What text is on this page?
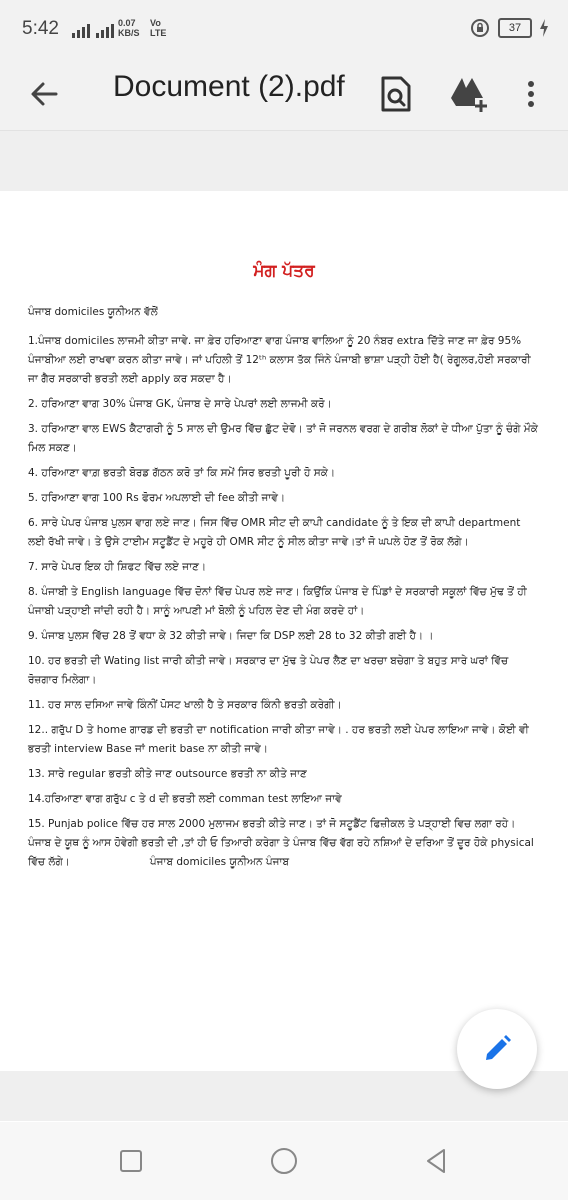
5:42	0.07
KB/S
Vo
LTE	37
Document (2).pdf
ਮੰਗ ਪੱਤਰ

ਪੰਜਾਬ domiciles ਯੂਨੀਅਨ ਵੱਲੋਂ

1.ਪੰਜਾਬ domiciles ਲਾਜਮੀ ਕੀਤਾ ਜਾਵੇ. ਜਾ ਫ਼ੇਰ ਹਰਿਆਣਾ ਵਾਗ ਪੰਜਾਬ ਵਾਲਿਆ ਨੂੰ 20 ਨੰਬਰ extra ਦਿੱਤੇ ਜਾਣ ਜਾ ਫ਼ੇਰ 95% ਪੰਜਾਬੀਆ ਲਈ ਰਾਖਵਾ ਕਰਨ ਕੀਤਾ ਜਾਵੇ। ਜਾਂ ਪਹਿਲੀ ਤੋਂ 12ᵗʰ ਕਲਾਸ ਤੱਕ ਜਿੰਨੇ ਪੰਜਾਬੀ ਭਾਸ਼ਾ ਪੜ੍ਹੀ ਹੋਈ ਹੈ( ਰੇਗੂਲਰ,ਹੋਈ ਸਰਕਾਰੀ ਜਾ ਗੈਰ ਸਰਕਾਰੀ ਭਰਤੀ ਲਈ apply ਕਰ ਸਕਦਾ ਹੈ।

2. ਹਰਿਆਣਾ ਵਾਗ 30% ਪੰਜਾਬ GK, ਪੰਜਾਬ ਦੇ ਸਾਰੇ ਪੇਪਰਾਂ ਲਈ ਲਾਜਮੀ ਕਰੋ।

3. ਹਰਿਆਣਾ ਵਾਲ EWS ਕੈਟਾਗਰੀ ਨੂੰ 5 ਸਾਲ ਦੀ ਉਮਰ ਵਿੱਚ ਛੁੱਟ ਦੇਵੋ। ਤਾਂ ਜੋ ਜਰਨਲ ਵਰਗ ਦੇ ਗਰੀਬ ਲੋਕਾਂ ਦੇ ਧੀਆ ਪੁੱਤਾ ਨੂੰ ਚੰਗੇ ਮੌਕੇ ਮਿਲ ਸਕਣ।

4. ਹਰਿਆਣਾ ਵਾਗ਼ ਭਰਤੀ ਬੋਰਡ ਗੱਠਨ ਕਰੋ ਤਾਂ ਕਿ ਸਮੇਂ ਸਿਰ ਭਰਤੀ ਪੂਰੀ ਹੋ ਸਕੇ।

5. ਹਰਿਆਣਾ ਵਾਗ 100 Rs ਫੋਰਮ ਅਪਲਾਈ ਦੀ fee ਕੀਤੀ ਜਾਵੇ।

6. ਸਾਰੇ ਪੇਪਰ ਪੰਜਾਬ ਪੁਲਸ ਵਾਗ ਲਏ ਜਾਣ। ਜਿਸ ਵਿੱਚ OMR ਸੀਟ ਦੀ ਕਾਪੀ candidate ਨੂੰ ਤੇ ਇਕ ਦੀ ਕਾਪੀ department ਲਈ ਰੱਖੀ ਜਾਵੇ। ਤੇ ਉਸੇ ਟਾਈਮ ਸਟੂਡੈਂਟ ਦੇ ਮਹੂਰੇ ਹੀ OMR ਸੀਟ ਨੂੰ ਸੀਲ ਕੀਤਾ ਜਾਵੇ।ਤਾਂ ਜੋ ਘਪਲੇ ਹੋਣ ਤੋਂ ਰੋਕ ਲੱਗੇ।

7. ਸਾਰੇ ਪੇਪਰ ਇਕ ਹੀ ਸ਼ਿਫਟ ਵਿੱਚ ਲਏ ਜਾਣ।

8. ਪੰਜਾਬੀ ਤੇ English language ਵਿੱਚ ਦੋਨਾਂ ਵਿੱਚ ਪੇਪਰ ਲਏ ਜਾਣ। ਕਿਉਂਕਿ ਪੰਜਾਬ ਦੇ ਪਿੰਡਾਂ ਦੇ ਸਰਕਾਰੀ ਸਕੂਲਾਂ ਵਿੱਚ ਮੁੱਢ ਤੋਂ ਹੀ ਪੰਜਾਬੀ ਪੜ੍ਹਾਈ ਜਾਂਦੀ ਰਹੀ ਹੈ। ਸਾਨੂੰ ਆਪਣੀ ਮਾਂ ਬੋਲੀ ਨੂੰ ਪਹਿਲ ਦੇਣ ਦੀ ਮੰਗ ਕਰਦੇ ਹਾਂ।

9. ਪੰਜਾਬ ਪੁਲਸ ਵਿੱਚ 28 ਤੋਂ ਵਧਾ ਕੇ 32 ਕੀਤੀ ਜਾਵੇ। ਜਿਦਾ ਕਿ DSP ਲਈ 28 to 32 ਕੀਤੀ ਗਈ ਹੈ। ।

10. ਹਰ ਭਰਤੀ ਦੀ Wating list ਜਾਰੀ ਕੀਤੀ ਜਾਵੇ। ਸਰਕਾਰ ਦਾ ਮੁੱਢ ਤੇ ਪੇਪਰ ਲੈਣ ਦਾ ਖਰਚਾ ਬਚੇਗਾ ਤੇ ਬਹੁਤ ਸਾਰੇ ਘਰਾਂ ਵਿੱਚ ਰੋਜ਼ਗਾਰ ਮਿਲੇਗਾ।

11. ਹਰ ਸਾਲ ਦਸਿਆ ਜਾਵੇ ਕਿੰਨੀਂ ਪੋਸਟ ਖਾਲੀ ਹੈ ਤੇ ਸਰਕਾਰ ਕਿੰਨੀ ਭਰਤੀ ਕਰੇਗੀ।

12.. ਗਰੁੱਪ D ਤੇ home ਗਾਰਡ ਦੀ ਭਰਤੀ ਦਾ notification ਜਾਰੀ ਕੀਤਾ ਜਾਵੇ। . ਹਰ ਭਰਤੀ ਲਈ ਪੇਪਰ ਲਾਇਆ ਜਾਵੇ। ਕੋਈ ਵੀ ਭਰਤੀ interview Base ਜਾਂ merit base ਨਾ ਕੀਤੀ ਜਾਵੇ।

13. ਸਾਰੇ regular ਭਰਤੀ ਕੀਤੇ ਜਾਣ outsource ਭਰਤੀ ਨਾ ਕੀਤੇ ਜਾਣ

14.ਹਰਿਆਣਾ ਵਾਗ ਗਰੁੱਪ c ਤੇ d ਦੀ ਭਰਤੀ ਲਈ comman test ਲਾਇਆ ਜਾਵੇ

15. Punjab police ਵਿੱਚ ਹਰ ਸਾਲ 2000 ਮੁਲਾਜਮ ਭਰਤੀ ਕੀਤੇ ਜਾਣ। ਤਾਂ ਜੋ ਸਟੂਡੈਂਟ ਫਿਜ਼ੀਕਲ ਤੇ ਪੜ੍ਹਾਈ ਵਿਚ ਲਗਾ ਰਹੇ। ਪੰਜਾਬ ਦੇ ਯੂਥ ਨੂੰ ਆਸ ਹੋਵੇਗੀ ਭਰਤੀ ਦੀ ,ਤਾਂ ਹੀ ਓ ਤਿਆਰੀ ਕਰੇਗਾ ਤੇ ਪੰਜਾਬ ਵਿੱਚ ਵੱਗ ਰਹੇ ਨਸ਼ਿਆਂ ਦੇ ਦਰਿਆ ਤੋਂ ਦੂਰ ਹੋਕੇ physical ਵਿੱਚ ਲੱਗੇ।	ਪੰਜਾਬ domiciles ਯੂਨੀਅਨ ਪੰਜਾਬ
